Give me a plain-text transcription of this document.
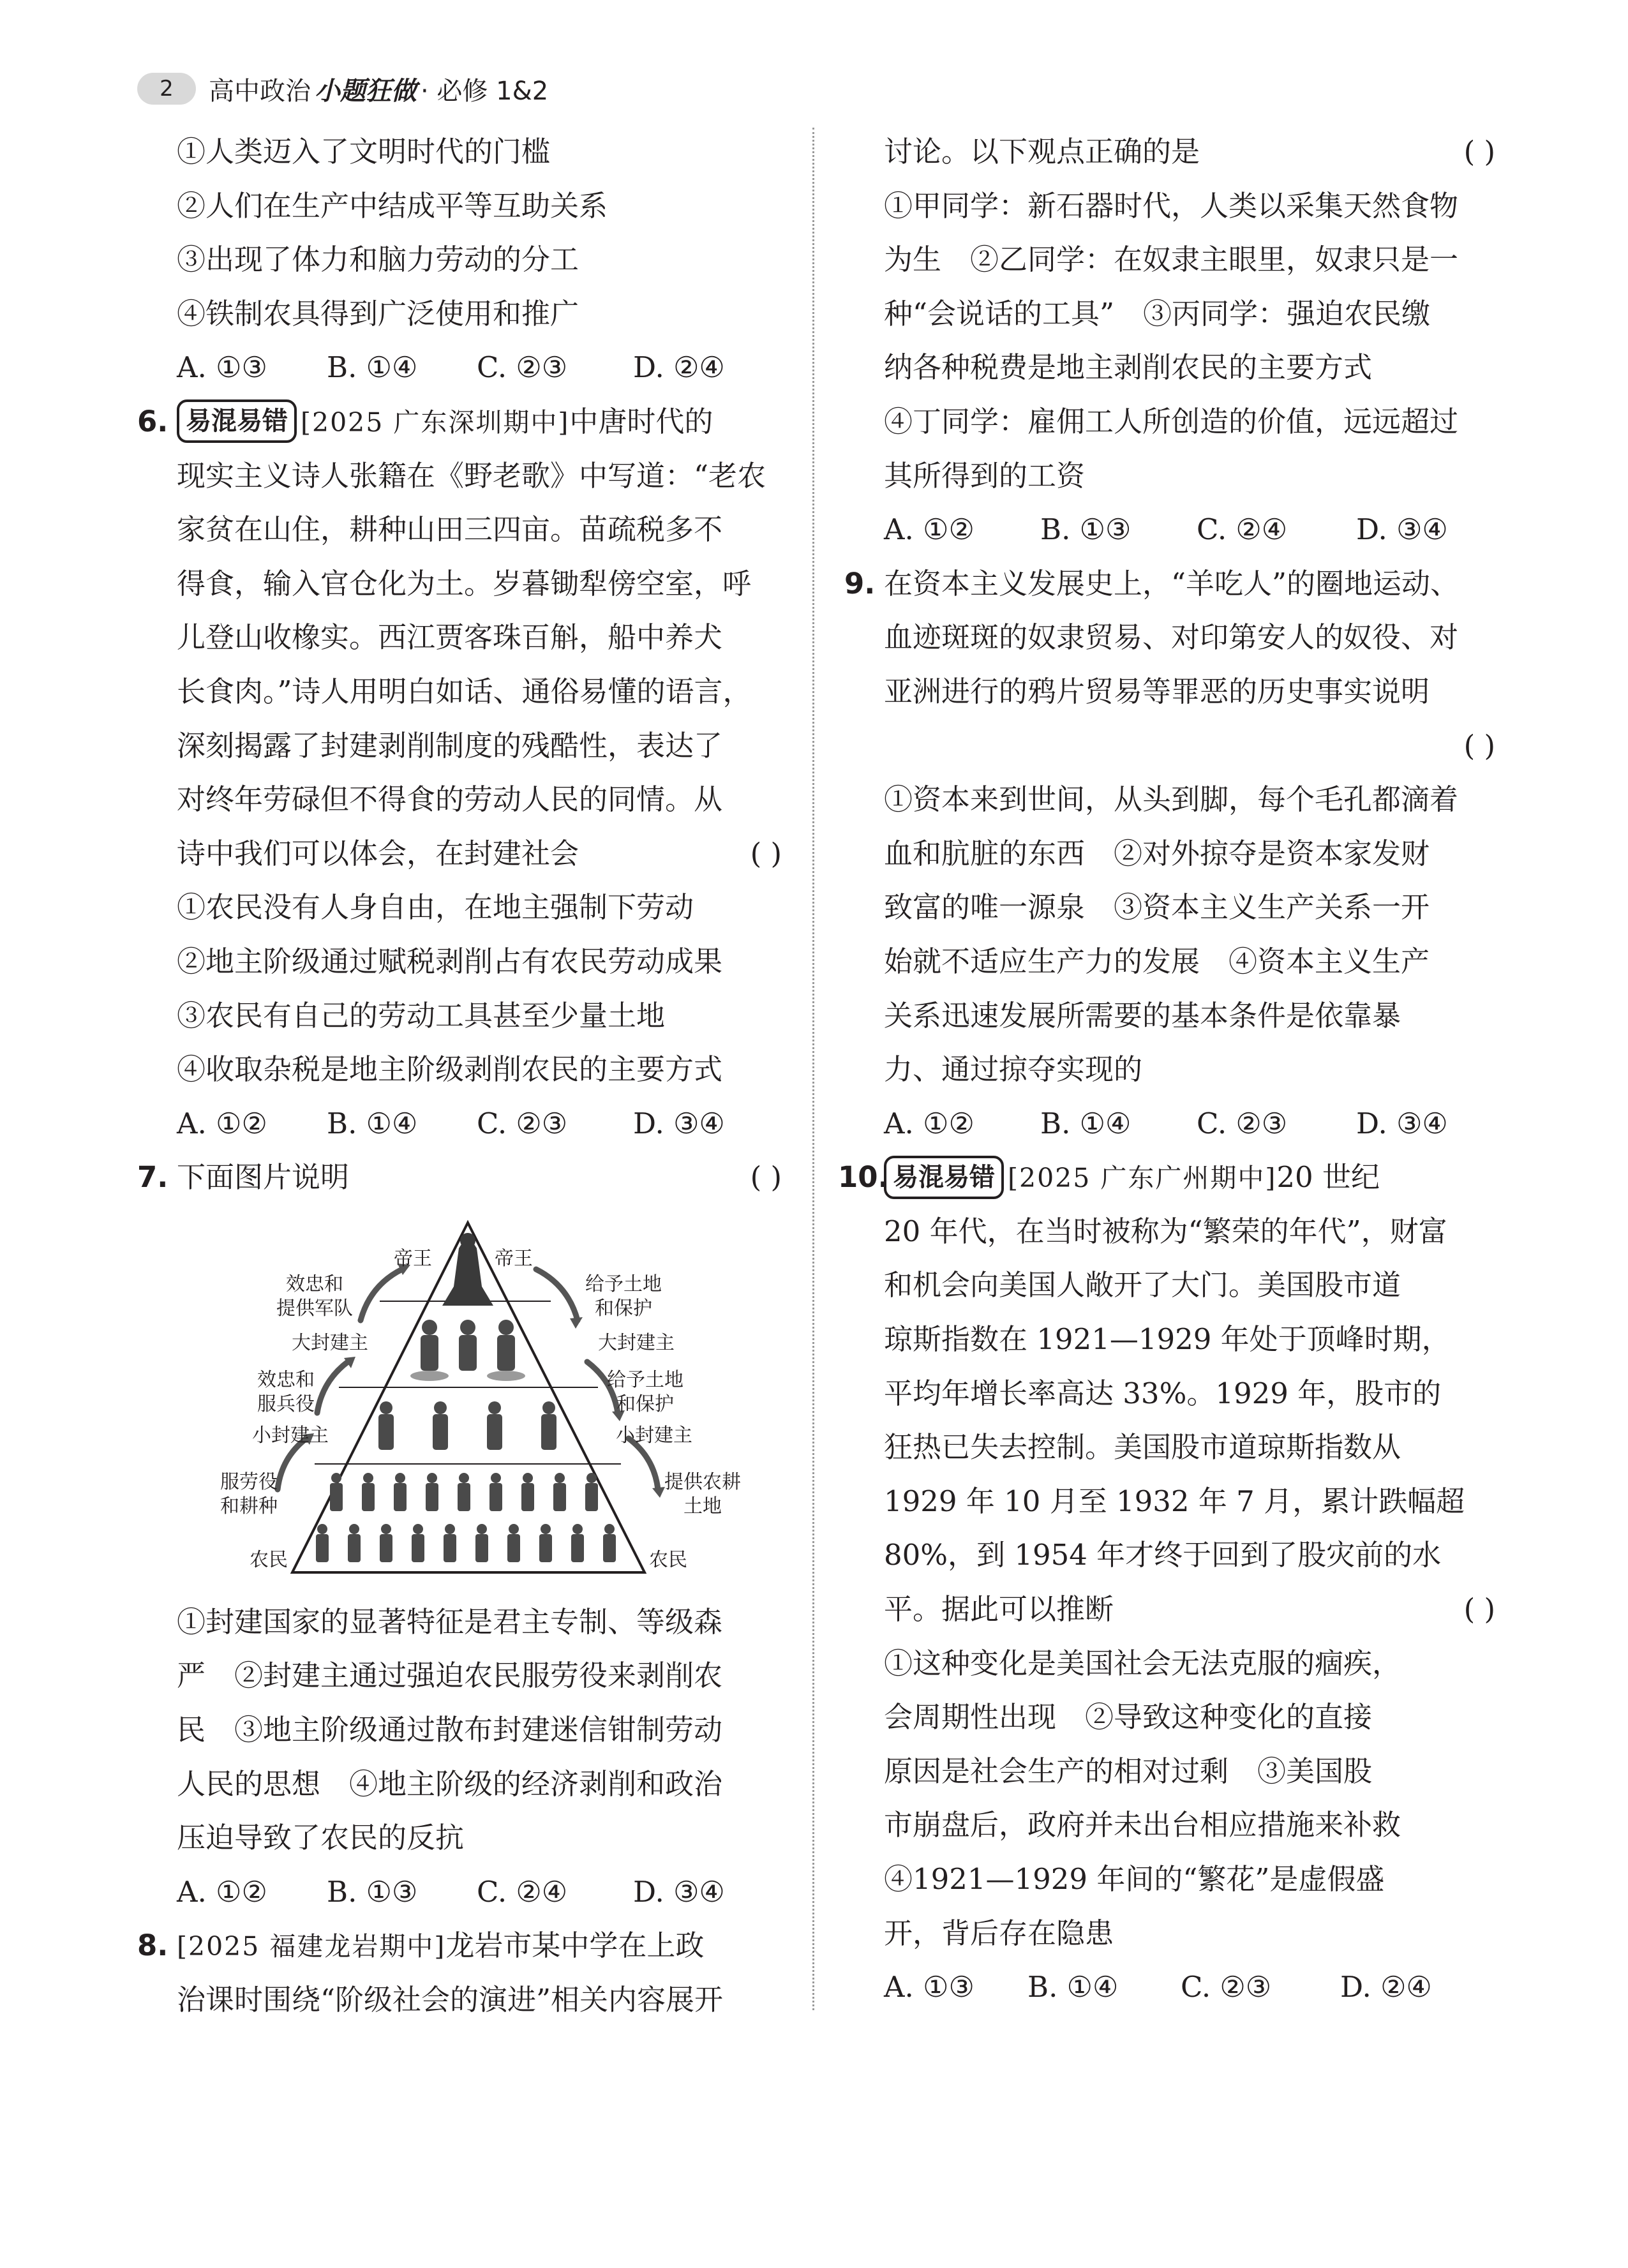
2	高中政治 小题狂做 · 必修 1&2
①人类迈入了文明时代的门槛
②人们在生产中结成平等互助关系
③出现了体力和脑力劳动的分工
④铁制农具得到广泛使用和推广
A. ①③ B. ①④ C. ②③ D. ②④
6. 易混易错 [2025 广东深圳期中]中唐时代的
现实主义诗人张籍在《野老歌》中写道：“老农
家贫在山住，耕种山田三四亩。苗疏税多不
得食，输入官仓化为土。岁暮锄犁傍空室，呼
儿登山收橡实。西江贾客珠百斛，船中养犬
长食肉。”诗人用明白如话、通俗易懂的语言，
深刻揭露了封建剥削制度的残酷性，表达了
对终年劳碌但不得食的劳动人民的同情。从
诗中我们可以体会，在封建社会	( )
①农民没有人身自由，在地主强制下劳动
②地主阶级通过赋税剥削占有农民劳动成果
③农民有自己的劳动工具甚至少量土地
④收取杂税是地主阶级剥削农民的主要方式
A. ①② B. ①④ C. ②③ D. ③④
7. 下面图片说明	( )
帝王	帝王
效忠和
提供军队
给予土地
和保护
大封建主	大封建主
效忠和
服兵役
给予土地
和保护
小封建主	小封建主
服劳役
和耕种
提供农耕
土地
农民	农民
①封建国家的显著特征是君主专制、等级森
严　②封建主通过强迫农民服劳役来剥削农
民　③地主阶级通过散布封建迷信钳制劳动
人民的思想　④地主阶级的经济剥削和政治
压迫导致了农民的反抗
A. ①② B. ①③ C. ②④ D. ③④
8. [2025 福建龙岩期中]龙岩市某中学在上政
治课时围绕“阶级社会的演进”相关内容展开
讨论。以下观点正确的是	( )
①甲同学：新石器时代，人类以采集天然食物
为生　②乙同学：在奴隶主眼里，奴隶只是一
种“会说话的工具”　③丙同学：强迫农民缴
纳各种税费是地主剥削农民的主要方式
④丁同学：雇佣工人所创造的价值，远远超过
其所得到的工资
A. ①② B. ①③ C. ②④ D. ③④
9. 在资本主义发展史上，“羊吃人”的圈地运动、
血迹斑斑的奴隶贸易、对印第安人的奴役、对
亚洲进行的鸦片贸易等罪恶的历史事实说明
( )
①资本来到世间，从头到脚，每个毛孔都滴着
血和肮脏的东西　②对外掠夺是资本家发财
致富的唯一源泉　③资本主义生产关系一开
始就不适应生产力的发展　④资本主义生产
关系迅速发展所需要的基本条件是依靠暴
力、通过掠夺实现的
A. ①② B. ①④ C. ②③ D. ③④
10. 易混易错 [2025 广东广州期中]20 世纪
20 年代，在当时被称为“繁荣的年代”，财富
和机会向美国人敞开了大门。美国股市道
琼斯指数在 1921—1929 年处于顶峰时期，
平均年增长率高达 33%。1929 年，股市的
狂热已失去控制。美国股市道琼斯指数从
1929 年 10 月至 1932 年 7 月，累计跌幅超
80%，到 1954 年才终于回到了股灾前的水
平。据此可以推断	( )
①这种变化是美国社会无法克服的痼疾，
会周期性出现　②导致这种变化的直接
原因是社会生产的相对过剩　③美国股
市崩盘后，政府并未出台相应措施来补救
④1921—1929 年间的“繁花”是虚假盛
开，背后存在隐患
A. ①③ B. ①④ C. ②③ D. ②④
